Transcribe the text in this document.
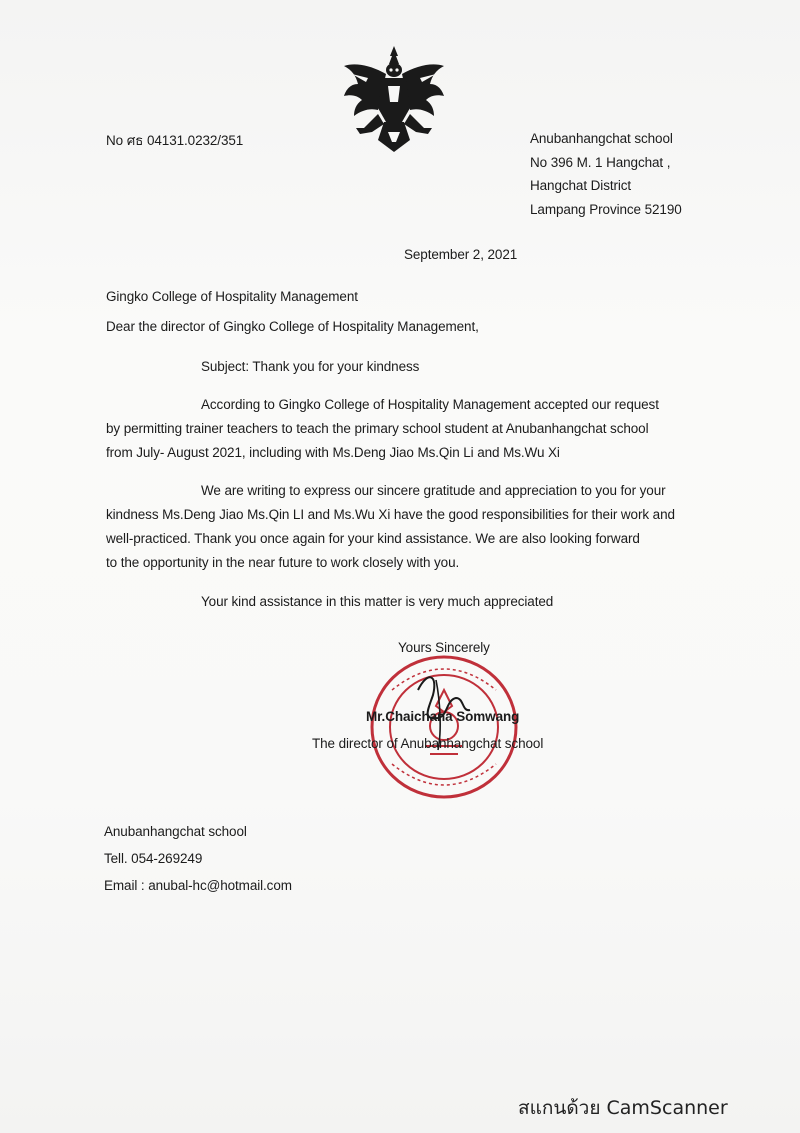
No ศธ 04131.0232/351	Anubanhangchat school
No 396 M. 1 Hangchat ,
Hangchat District
Lampang Province 52190
September 2, 2021
Gingko College of Hospitality Management
Dear the director of Gingko College of Hospitality Management,
Subject: Thank you for your kindness
According to Gingko College of Hospitality Management accepted our request
by permitting trainer teachers to teach the primary school student at Anubanhangchat school
from July- August 2021, including with Ms.Deng Jiao Ms.Qin Li and Ms.Wu Xi
We are writing to express our sincere gratitude and appreciation to you for your
kindness Ms.Deng Jiao Ms.Qin LI and Ms.Wu Xi have the good responsibilities for their work and
well-practiced. Thank you once again for your kind assistance. We are also looking forward
to the opportunity in the near future to work closely with you.
Your kind assistance in this matter is very much appreciated
Yours Sincerely
Mr.Chaichana Somwang
The director of Anubanhangchat school
Anubanhangchat school
Tell. 054-269249
Email : anubal-hc@hotmail.com
สแกนด้วย CamScanner
